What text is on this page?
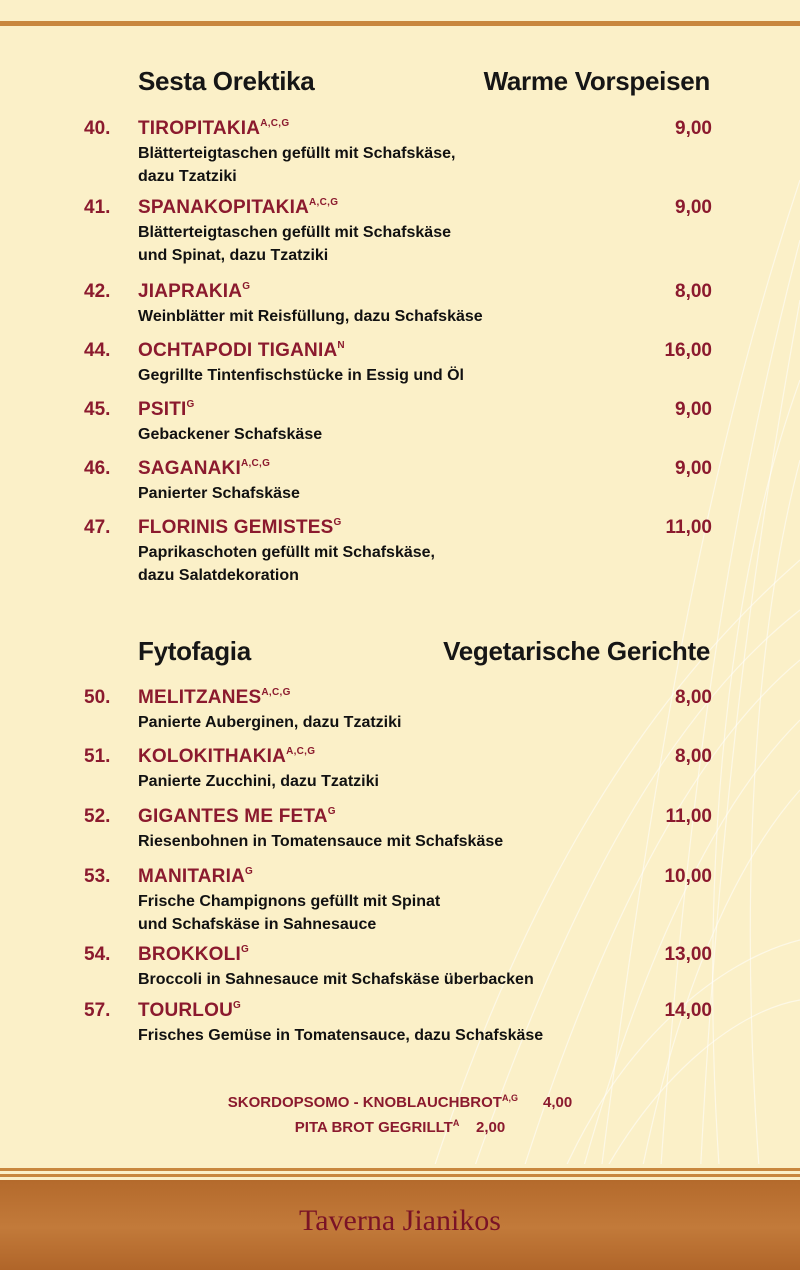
Sesta Orektika	Warme Vorspeisen
40.	$TIROPITAKIA^{A,C,G}$	9,00
Blätterteigtaschen gefüllt mit Schafskäse,
dazu Tzatziki
41.	$SPANAKOPITAKIA^{A,C,G}$	9,00
Blätterteigtaschen gefüllt mit Schafskäse
und Spinat, dazu Tzatziki
42.	$JIAPRAKIA^G$	8,00
Weinblätter mit Reisfüllung, dazu Schafskäse
44.	OCHTAPODI $TIGANIA^N$	16,00
Gegrillte Tintenfischstücke in Essig und Öl
45.	$PSITI^G$	9,00
Gebackener Schafskäse
46.	$SAGANAKI^{A,C,G}$	9,00
Panierter Schafskäse
47.	FLORINIS $GEMISTES^G$	11,00
Paprikaschoten gefüllt mit Schafskäse,
dazu Salatdekoration
Fytofagia	Vegetarische Gerichte
50.	$MELITZANES^{A,C,G}$	8,00
Panierte Auberginen, dazu Tzatziki
51.	$KOLOKITHAKIA^{A,C,G}$	8,00
Panierte Zucchini, dazu Tzatziki
52.	GIGANTES ME $FETA^G$	11,00
Riesenbohnen in Tomatensauce mit Schafskäse
53.	$MANITARIA^G$	10,00
Frische Champignons gefüllt mit Spinat
und Schafskäse in Sahnesauce
54.	$BROKKOLI^G$	13,00
Broccoli in Sahnesauce mit Schafskäse überbacken
57.	$TOURLOU^G$	14,00
Frisches Gemüse in Tomatensauce, dazu Schafskäse
SKORDOPSOMO - $KNOBLAUCHBROT^{A,G}$ 4,00
PITA BROT $GEGRILLT^A$ 2,00
Taverna Jianikos
